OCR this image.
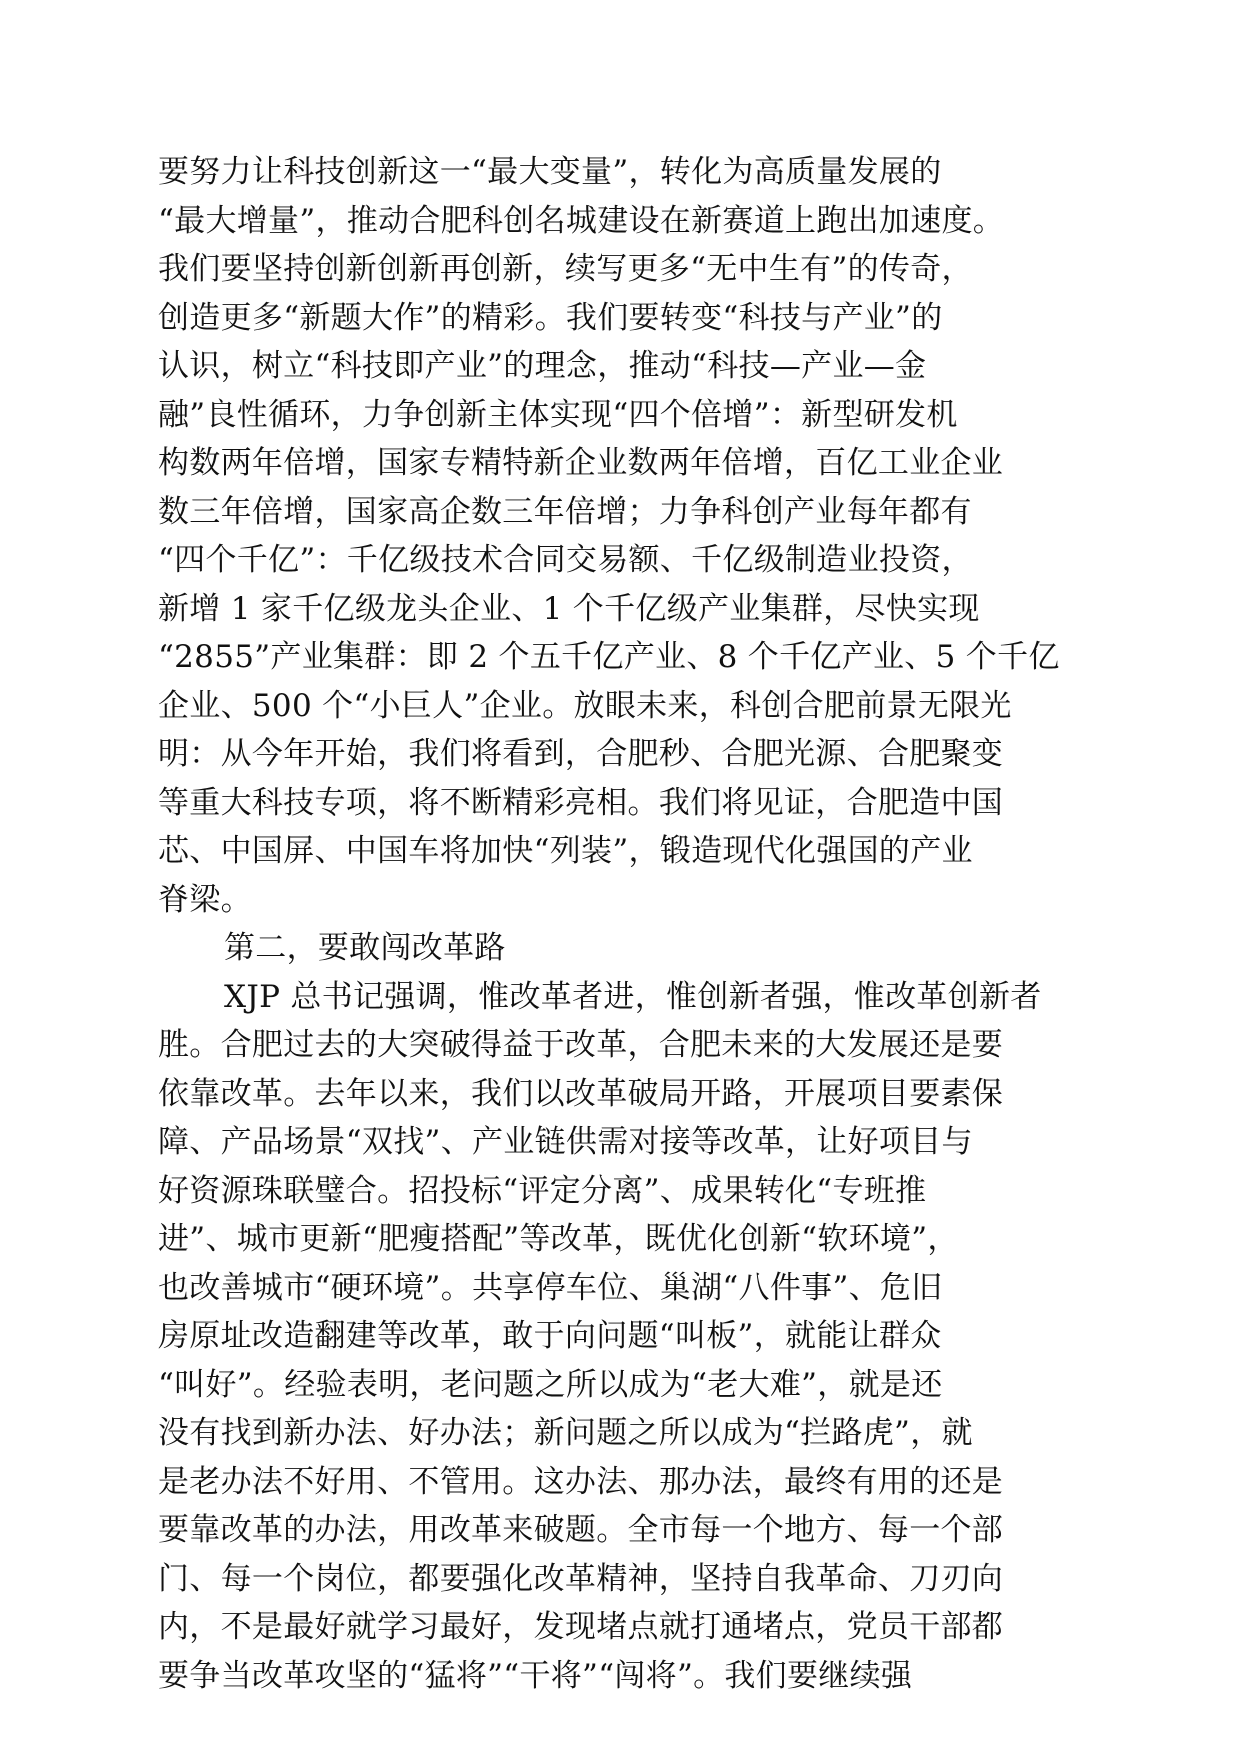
要努力让科技创新这一“最大变量”，转化为高质量发展的
“最大增量”，推动合肥科创名城建设在新赛道上跑出加速度。
我们要坚持创新创新再创新，续写更多“无中生有”的传奇，
创造更多“新题大作”的精彩。我们要转变“科技与产业”的
认识，树立“科技即产业”的理念，推动“科技—产业—金
融”良性循环，力争创新主体实现“四个倍增”：新型研发机
构数两年倍增，国家专精特新企业数两年倍增，百亿工业企业
数三年倍增，国家高企数三年倍增；力争科创产业每年都有
“四个千亿”：千亿级技术合同交易额、千亿级制造业投资，
新增 1 家千亿级龙头企业、1 个千亿级产业集群，尽快实现
“2855”产业集群：即 2 个五千亿产业、8 个千亿产业、5 个千亿
企业、500 个“小巨人”企业。放眼未来，科创合肥前景无限光
明：从今年开始，我们将看到，合肥秒、合肥光源、合肥聚变
等重大科技专项，将不断精彩亮相。我们将见证，合肥造中国
芯、中国屏、中国车将加快“列装”，锻造现代化强国的产业
脊梁。
第二，要敢闯改革路
XJP 总书记强调，惟改革者进，惟创新者强，惟改革创新者
胜。合肥过去的大突破得益于改革，合肥未来的大发展还是要
依靠改革。去年以来，我们以改革破局开路，开展项目要素保
障、产品场景“双找”、产业链供需对接等改革，让好项目与
好资源珠联璧合。招投标“评定分离”、成果转化“专班推
进”、城市更新“肥瘦搭配”等改革，既优化创新“软环境”，
也改善城市“硬环境”。共享停车位、巢湖“八件事”、危旧
房原址改造翻建等改革，敢于向问题“叫板”，就能让群众
“叫好”。经验表明，老问题之所以成为“老大难”，就是还
没有找到新办法、好办法；新问题之所以成为“拦路虎”，就
是老办法不好用、不管用。这办法、那办法，最终有用的还是
要靠改革的办法，用改革来破题。全市每一个地方、每一个部
门、每一个岗位，都要强化改革精神，坚持自我革命、刀刃向
内，不是最好就学习最好，发现堵点就打通堵点，党员干部都
要争当改革攻坚的“猛将”“干将”“闯将”。我们要继续强
